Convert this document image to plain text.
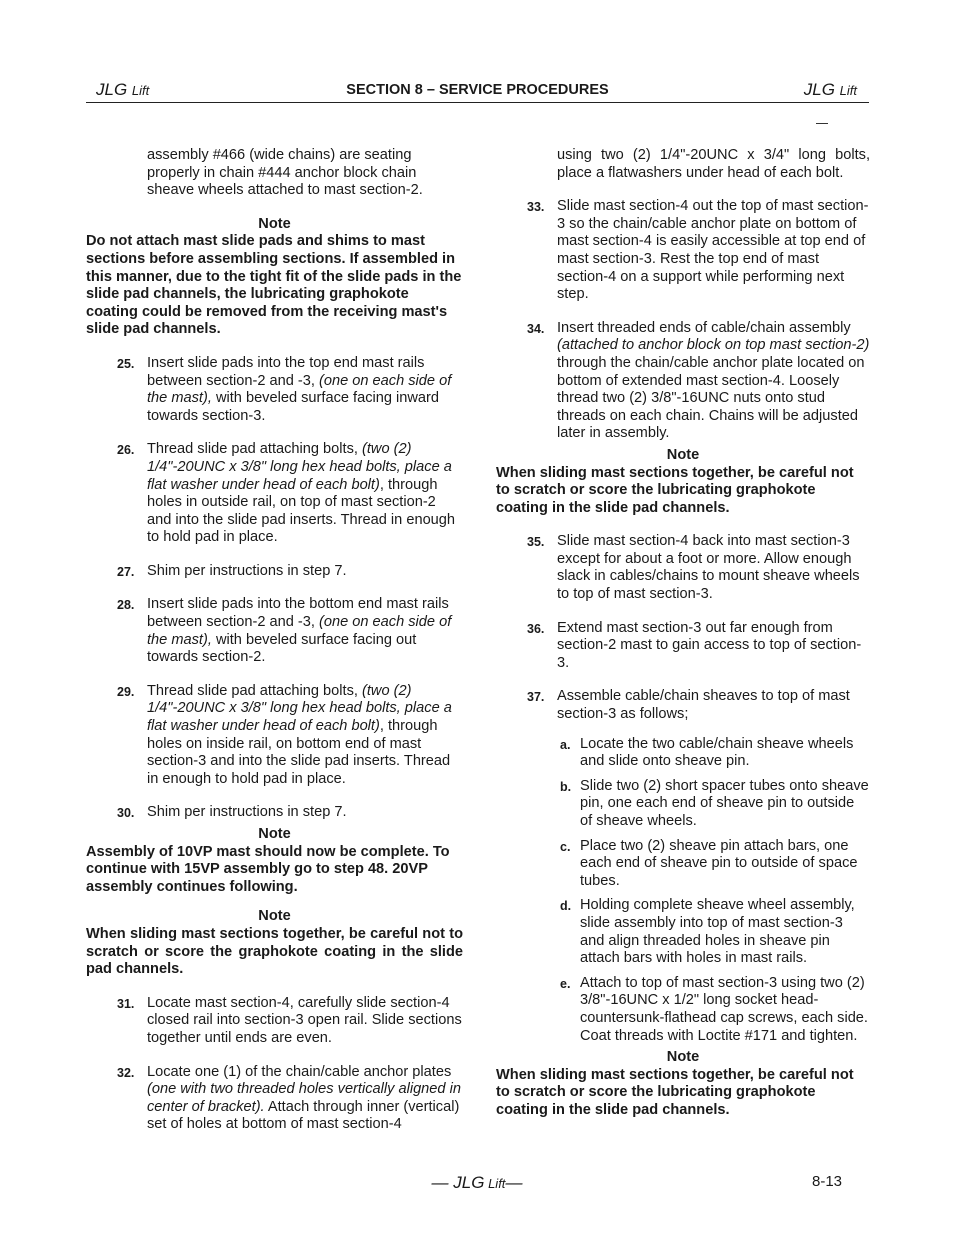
JLG Lift	SECTION 8 – SERVICE PROCEDURES	JLG Lift

assembly #466 (wide chains) are seating properly in chain #444 anchor block chain sheave wheels attached to mast section-2.

Note

Do not attach mast slide pads and shims to mast sections before assembling sections. If assembled in this manner, due to the tight fit of the slide pads in the slide pad channels, the lubricating graphokote coating could be removed from the receiving mast's slide pad channels.

25. Insert slide pads into the top end mast rails between section-2 and -3, (one on each side of the mast), with beveled surface facing inward towards section-3.

26. Thread slide pad attaching bolts, (two (2) 1/4"-20UNC x 3/8" long hex head bolts, place a flat washer under head of each bolt), through holes in outside rail, on top of mast section-2 and into the slide pad inserts. Thread in enough to hold pad in place.

27. Shim per instructions in step 7.

28. Insert slide pads into the bottom end mast rails between section-2 and -3, (one on each side of the mast), with beveled surface facing out towards section-2.

29. Thread slide pad attaching bolts, (two (2) 1/4"-20UNC x 3/8" long hex head bolts, place a flat washer under head of each bolt), through holes on inside rail, on bottom end of mast section-3 and into the slide pad inserts. Thread in enough to hold pad in place.

30. Shim per instructions in step 7.

Note

Assembly of 10VP mast should now be complete. To continue with 15VP assembly go to step 48. 20VP assembly continues following.

Note

When sliding mast sections together, be careful not to scratch or score the graphokote coating in the slide pad channels.

31. Locate mast section-4, carefully slide section-4 closed rail into section-3 open rail. Slide sections together until ends are even.

32. Locate one (1) of the chain/cable anchor plates (one with two threaded holes vertically aligned in center of bracket). Attach through inner (vertical) set of holes at bottom of mast section-4

using two (2) 1/4"-20UNC x 3/4" long bolts, place a flatwashers under head of each bolt.

33. Slide mast section-4 out the top of mast section-3 so the chain/cable anchor plate on bottom of mast section-4 is easily accessible at top end of mast section-3. Rest the top end of mast section-4 on a support while performing next step.

34. Insert threaded ends of cable/chain assembly (attached to anchor block on top mast section-2) through the chain/cable anchor plate located on bottom of extended mast section-4. Loosely thread two (2) 3/8"-16UNC nuts onto stud threads on each chain. Chains will be adjusted later in assembly.

Note

When sliding mast sections together, be careful not to scratch or score the lubricating graphokote coating in the slide pad channels.

35. Slide mast section-4 back into mast section-3 except for about a foot or more. Allow enough slack in cables/chains to mount sheave wheels to top of mast section-3.

36. Extend mast section-3 out far enough from section-2 mast to gain access to top of section-3.

37. Assemble cable/chain sheaves to top of mast section-3 as follows;

a. Locate the two cable/chain sheave wheels and slide onto sheave pin.

b. Slide two (2) short spacer tubes onto sheave pin, one each end of sheave pin to outside of sheave wheels.

c. Place two (2) sheave pin attach bars, one each end of sheave pin to outside of space tubes.

d. Holding complete sheave wheel assembly, slide assembly into top of mast section-3 and align threaded holes in sheave pin attach bars with holes in mast rails.

e. Attach to top of mast section-3 using two (2) 3/8"-16UNC x 1/2" long socket head-countersunk-flathead cap screws, each side. Coat threads with Loctite #171 and tighten.

Note

When sliding mast sections together, be careful not to scratch or score the lubricating graphokote coating in the slide pad channels.

— JLG Lift—	8-13
